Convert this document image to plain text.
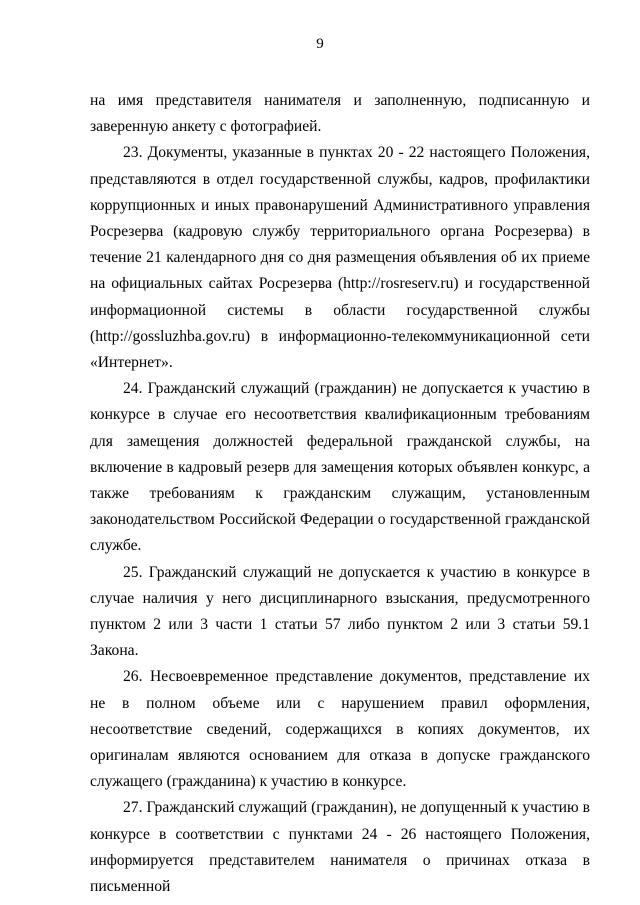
9

на имя представителя нанимателя и заполненную, подписанную и заверенную анкету с фотографией.

23. Документы, указанные в пунктах 20 - 22 настоящего Положения, представляются в отдел государственной службы, кадров, профилактики коррупционных и иных правонарушений Административного управления Росрезерва (кадровую службу территориального органа Росрезерва) в течение 21 календарного дня со дня размещения объявления об их приеме на официальных сайтах Росрезерва (http://rosreserv.ru) и государственной информационной системы в области государственной службы (http://gossluzhba.gov.ru) в информационно-телекоммуникационной сети «Интернет».

24. Гражданский служащий (гражданин) не допускается к участию в конкурсе в случае его несоответствия квалификационным требованиям для замещения должностей федеральной гражданской службы, на включение в кадровый резерв для замещения которых объявлен конкурс, а также требованиям к гражданским служащим, установленным законодательством Российской Федерации о государственной гражданской службе.

25. Гражданский служащий не допускается к участию в конкурсе в случае наличия у него дисциплинарного взыскания, предусмотренного пунктом 2 или 3 части 1 статьи 57 либо пунктом 2 или 3 статьи 59.1 Закона.

26. Несвоевременное представление документов, представление их не в полном объеме или с нарушением правил оформления, несоответствие сведений, содержащихся в копиях документов, их оригиналам являются основанием для отказа в допуске гражданского служащего (гражданина) к участию в конкурсе.

27. Гражданский служащий (гражданин), не допущенный к участию в конкурсе в соответствии с пунктами 24 - 26 настоящего Положения, информируется представителем нанимателя о причинах отказа в письменной
